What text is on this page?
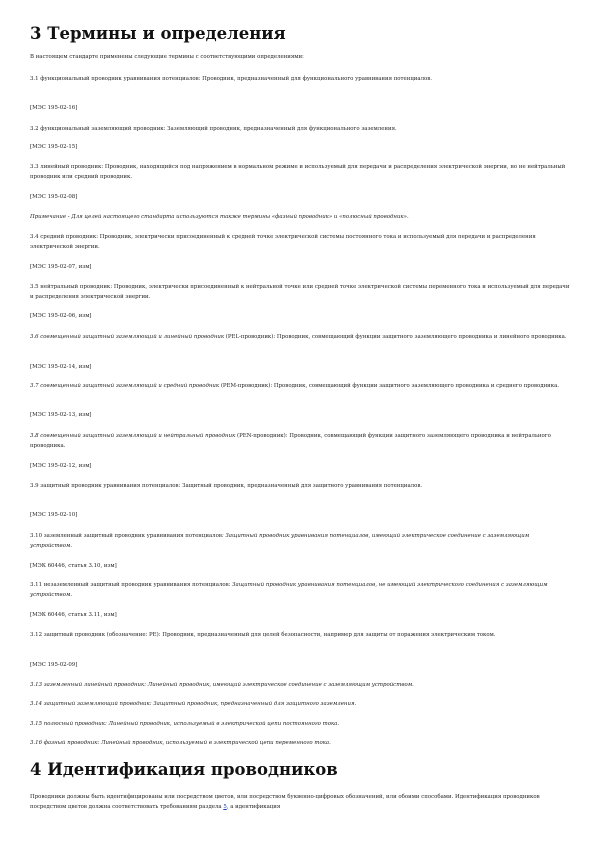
3 Термины и определения

В настоящем стандарте применены следующие термины с соответствующими определениями:

3.1 функциональный проводник уравнивания потенциалов: Проводник, предназначенный для функционального уравнивания потенциалов.

[МЭС 195-02-16]

3.2 функциональный заземляющий проводник: Заземляющий проводник, предназначенный для функционального заземления.

[МЭС 195-02-15]

3.3 линейный проводник: Проводник, находящийся под напряжением в нормальном режиме и используемый для передачи и распределения электрической энергии, но не нейтральный проводник или средний проводник.

[МЭС 195-02-08]

Примечание - Для целей настоящего стандарта используются также термины «фазный проводник» и «полюсный проводник».

3.4 средний проводник: Проводник, электрически присоединенный к средней точке электрической системы постоянного тока и используемый для передачи и распределения электрической энергии.

[МЭС 195-02-07, изм]

3.5 нейтральный проводник: Проводник, электрически присоединенный к нейтральной точке или средней точке электрической системы переменного тока и используемый для передачи и распределения электрической энергии.

[МЭС 195-02-06, изм]

3.6 совмещенный защитный заземляющий и линейный проводник (PEL-проводник): Проводник, совмещающий функции защитного заземляющего проводника и линейного проводника.

[МЭС 195-02-14, изм]

3.7 совмещенный защитный заземляющий и средний проводник (PEM-проводник): Проводник, совмещающий функции защитного заземляющего проводника и среднего проводника.

[МЭС 195-02-13, изм]

3.8 совмещенный защитный заземляющий и нейтральный проводник (PEN-проводник): Проводник, совмещающий функции защитного заземляющего проводника и нейтрального проводника.

[МЭС 195-02-12, изм]

3.9 защитный проводник уравнивания потенциалов: Защитный проводник, предназначенный для защитного уравнивания потенциалов.

[МЭС 195-02-10]

3.10 заземленный защитный проводник уравнивания потенциалов: Защитный проводник уравнивания потенциалов, имеющий электрическое соединение с заземляющим устройством.

[МЭК 60446, статья 3.10, изм]

3.11 незаземленный защитный проводник уравнивания потенциалов: Защитный проводник уравнивания потенциалов, не имеющий электрического соединения с заземляющим устройством.

[МЭК 60446, статья 3.11, изм]

3.12 защитный проводник (обозначение: PE): Проводник, предназначенный для целей безопасности, например для защиты от поражения электрическим током.

[МЭС 195-02-09]

3.13 заземленный линейный проводник: Линейный проводник, имеющий электрическое соединение с заземляющим устройством.

3.14 защитный заземляющий проводник: Защитный проводник, предназначенный для защитного заземления.

3.15 полюсный проводник: Линейный проводник, используемый в электрической цепи постоянного тока.

3.16 фазный проводник: Линейный проводник, используемый в электрической цепи переменного тока.

4 Идентификация проводников

Проводники должны быть идентифицированы или посредством цветов, или посредством буквенно-цифровых обозначений, или обоими способами. Идентификация проводников посредством цветов должна соответствовать требованиям раздела 5, а идентификация
